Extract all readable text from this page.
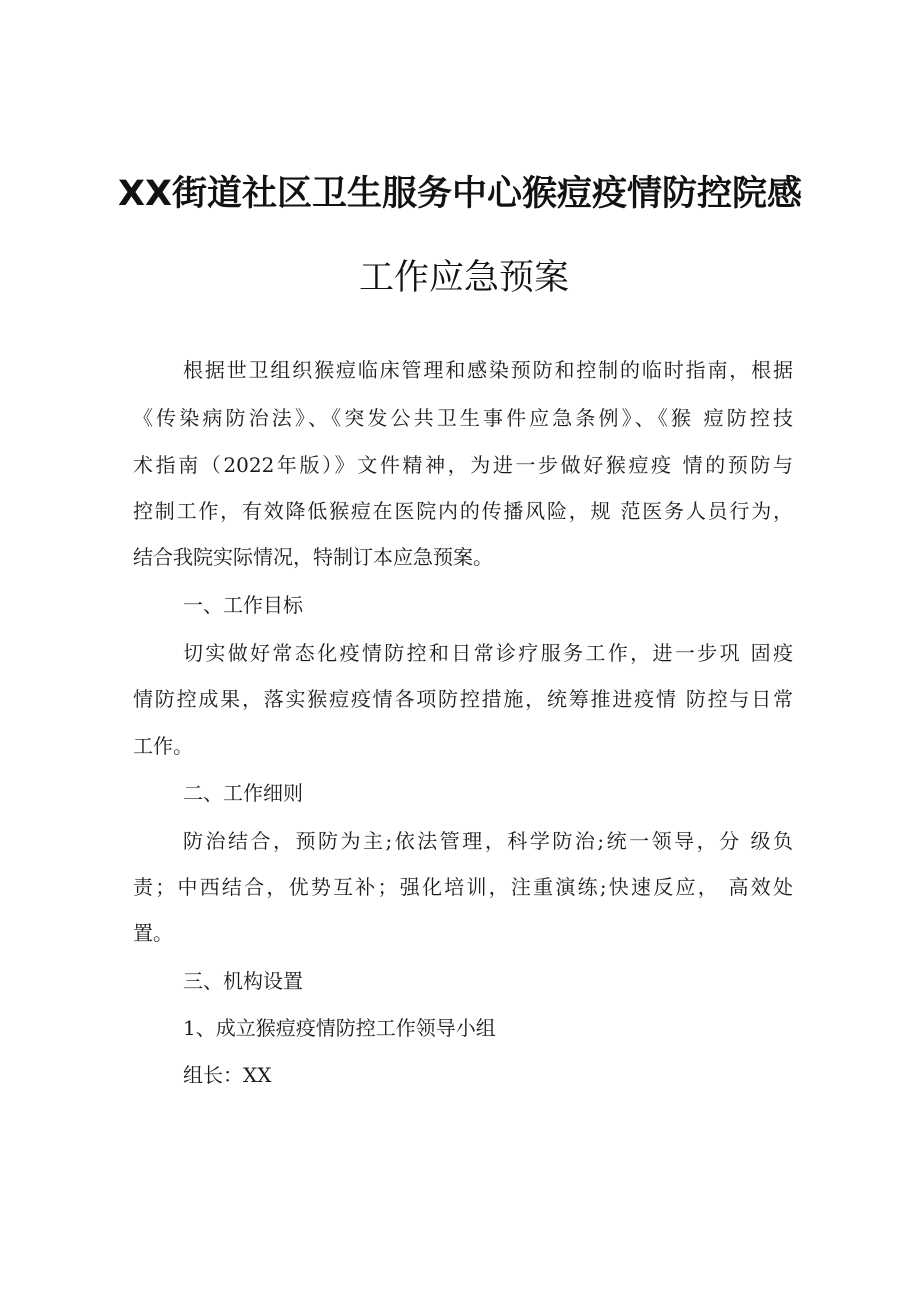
XX街道社区卫生服务中心猴痘疫情防控院感
工作应急预案
根据世卫组织猴痘临床管理和感染预防和控制的临时指南，根据
《传染病防治法》、《突发公共卫生事件应急条例》、《猴 痘防控技
术指南（2022年版）》文件精神，为进一步做好猴痘疫 情的预防与
控制工作，有效降低猴痘在医院内的传播风险，规 范医务人员行为，
结合我院实际情况，特制订本应急预案。
一、工作目标
切实做好常态化疫情防控和日常诊疗服务工作，进一步巩 固疫
情防控成果，落实猴痘疫情各项防控措施，统筹推进疫情 防控与日常
工作。
二、工作细则
防治结合，预防为主;依法管理，科学防治;统一领导，分 级负
责；中西结合，优势互补；强化培训，注重演练;快速反应， 高效处
置。
三、机构设置
1、成立猴痘疫情防控工作领导小组
组长：XX
